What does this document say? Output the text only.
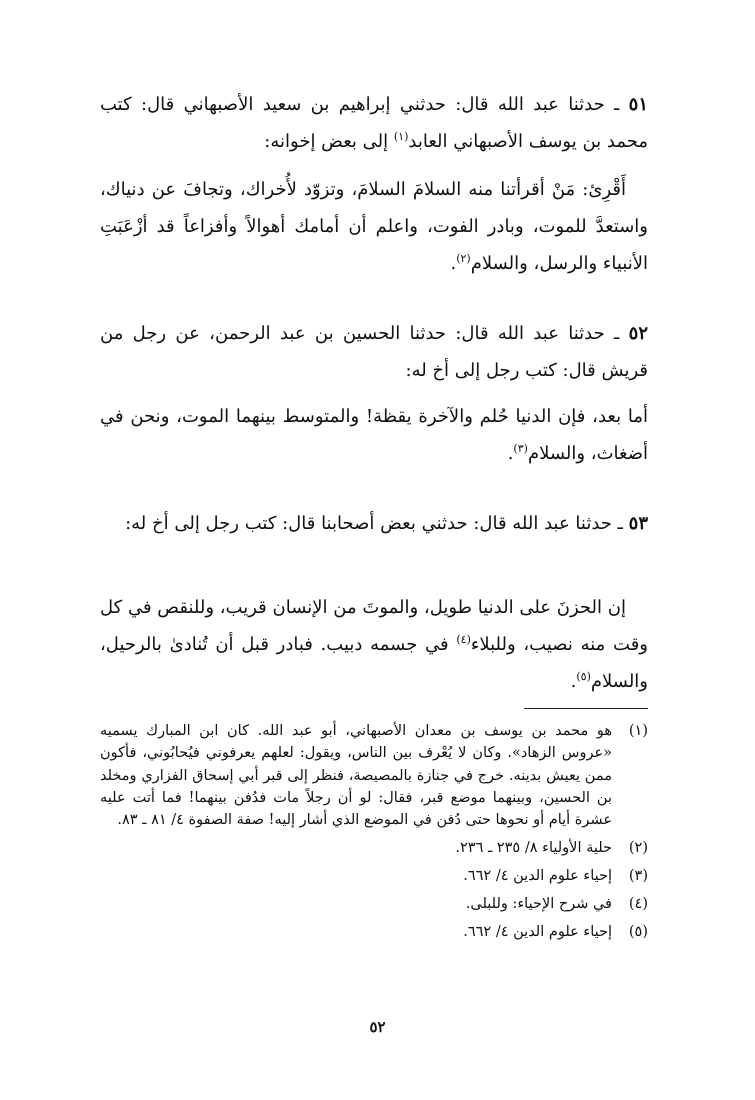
٥١ ـ حدثنا عبد الله قال: حدثني إبراهيم بن سعيد الأصبهاني قال: كتب محمد بن يوسف الأصبهاني العابد$^{(١)}$ إلى بعض إخوانه:

أَقْرِئ: مَنْ أقرأتنا منه السلامَ السلامَ، وتزوّد لأُخراك، وتجافَ عن دنياك، واستعدَّ للموت، وبادر الفوت، واعلم أن أمامك أهوالاً وأفزاعاً قد أزْعَبَتِ الأنبياء والرسل، والسلام$^{(٢)}$.

٥٢ ـ حدثنا عبد الله قال: حدثنا الحسين بن عبد الرحمن، عن رجل من قريش قال: كتب رجل إلى أخ له:

أما بعد، فإن الدنيا حُلم والآخرة يقظة! والمتوسط بينهما الموت، ونحن في أضغاث، والسلام$^{(٣)}$.

٥٣ ـ حدثنا عبد الله قال: حدثني بعض أصحابنا قال: كتب رجل إلى أخ له:

إن الحزنَ على الدنيا طويل، والموتَ من الإنسان قريب، وللنقص في كل وقت منه نصيب، وللبلاء$^{(٤)}$ في جسمه دبيب. فبادر قبل أن تُنادىٰ بالرحيل، والسلام$^{(٥)}$.

(١)
هو محمد بن يوسف بن معدان الأصبهاني، أبو عبد الله. كان ابن المبارك يسميه «عروس الزهاد». وكان لا يُعْرف بين الناس، ويقول: لعلهم يعرفوني فيُحابُوني، فأكون ممن يعيش بدينه. خرج في جنازة بالمصيصة، فنظر إلى قبر أبي إسحاق الفزاري ومخلد بن الحسين، وبينهما موضع قبر، فقال: لو أن رجلاً مات فدُفن بينهما! فما أتت عليه عشرة أيام أو نحوها حتى دُفن في الموضع الذي أشار إليه! صفة الصفوة ٤/ ٨١ ـ ٨٣.
(٢)
حلية الأولياء ٨/ ٢٣٥ ـ ٢٣٦.
(٣)
إحياء علوم الدين ٤/ ٦٦٢.
(٤)
في شرح الإحياء: وللبلى.
(٥)
إحياء علوم الدين ٤/ ٦٦٢.
٥٢
